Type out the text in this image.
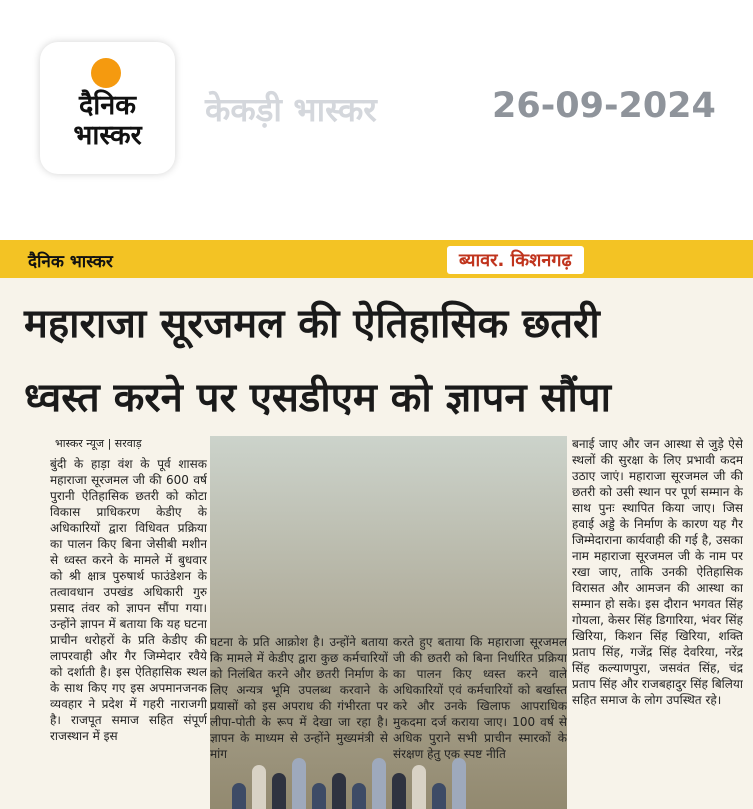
दैनिक
भास्कर
केकड़ी भास्कर	26-09-2024
दैनिक भास्कर	ब्यावर. किशनगढ़
महाराजा सूरजमल की ऐतिहासिक छतरी
ध्वस्त करने पर एसडीएम को ज्ञापन सौंपा
भास्कर न्यूज | सरवाड़
बुंदी के हाड़ा वंश के पूर्व शासक महाराजा सूरजमल जी की 600 वर्ष पुरानी ऐतिहासिक छतरी को कोटा विकास प्राधिकरण केडीए के अधिकारियों द्वारा विधिवत प्रक्रिया का पालन किए बिना जेसीबी मशीन से ध्वस्त करने के मामले में बुधवार को श्री क्षात्र पुरुषार्थ फाउंडेशन के तत्वावधान उपखंड अधिकारी गुरु प्रसाद तंवर को ज्ञापन सौंपा गया। उन्होंने ज्ञापन में बताया कि यह घटना प्राचीन धरोहरों के प्रति केडीए की लापरवाही और गैर जिम्मेदार रवैये को दर्शाती है। इस ऐतिहासिक स्थल के साथ किए गए इस अपमानजनक व्यवहार ने प्रदेश में गहरी नाराजगी है। राजपूत समाज सहित संपूर्ण राजस्थान में इस
घटना के प्रति आक्रोश है। उन्होंने बताया कि मामले में केडीए द्वारा कुछ कर्मचारियों को निलंबित करने और छतरी निर्माण के लिए अन्यत्र भूमि उपलब्ध करवाने के प्रयासों को इस अपराध की गंभीरता पर लीपा-पोती के रूप में देखा जा रहा है। ज्ञापन के माध्यम से उन्होंने मुख्यमंत्री से मांग
करते हुए बताया कि महाराजा सूरजमल जी की छतरी को बिना निर्धारित प्रक्रिया का पालन किए ध्वस्त करने वाले अधिकारियों एवं कर्मचारियों को बर्खास्त करे और उनके खिलाफ आपराधिक मुकदमा दर्ज कराया जाए। 100 वर्ष से अधिक पुराने सभी प्राचीन स्मारकों के संरक्षण हेतु एक स्पष्ट नीति
बनाई जाए और जन आस्था से जुड़े ऐसे स्थलों की सुरक्षा के लिए प्रभावी कदम उठाए जाएं। महाराजा सूरजमल जी की छतरी को उसी स्थान पर पूर्ण सम्मान के साथ पुनः स्थापित किया जाए। जिस हवाई अड्डे के निर्माण के कारण यह गैर जिम्मेदाराना कार्यवाही की गई है, उसका नाम महाराजा सूरजमल जी के नाम पर रखा जाए, ताकि उनकी ऐतिहासिक विरासत और आमजन की आस्था का सम्मान हो सके। इस दौरान भगवत सिंह गोयला, केसर सिंह डिगारिया, भंवर सिंह खिरिया, किशन सिंह खिरिया, शक्ति प्रताप सिंह, गजेंद्र सिंह देवरिया, नरेंद्र सिंह कल्याणपुरा, जसवंत सिंह, चंद्र प्रताप सिंह और राजबहादुर सिंह बिलिया सहित समाज के लोग उपस्थित रहे।
